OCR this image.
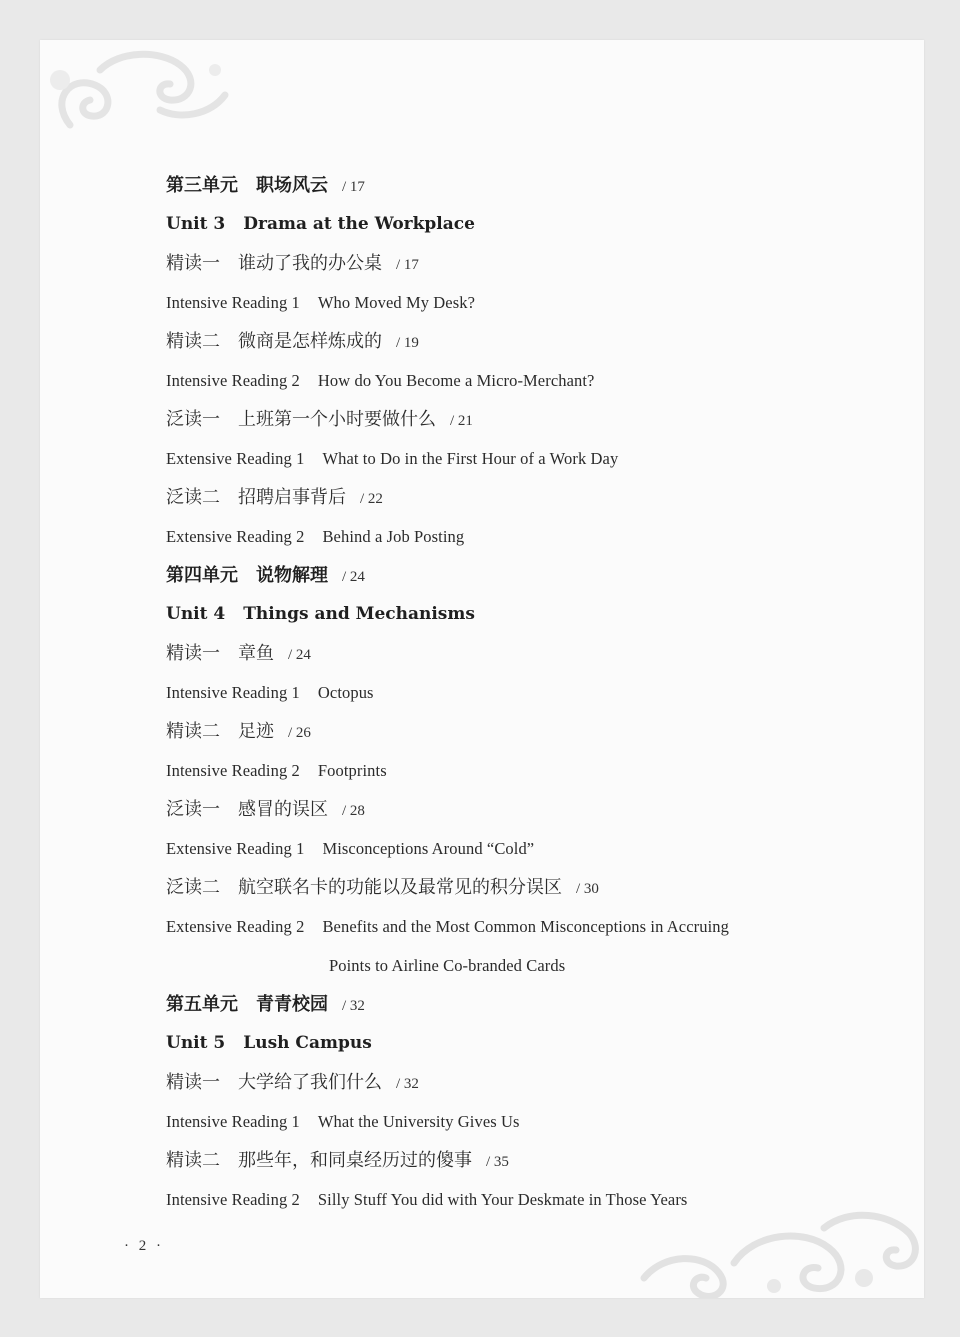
第三单元 职场风云 / 17
Unit 3 Drama at the Workplace
精读一 谁动了我的办公桌 / 17
Intensive Reading 1 Who Moved My Desk?
精读二 微商是怎样炼成的 / 19
Intensive Reading 2 How do You Become a Micro-Merchant?
泛读一 上班第一个小时要做什么 / 21
Extensive Reading 1 What to Do in the First Hour of a Work Day
泛读二 招聘启事背后 / 22
Extensive Reading 2 Behind a Job Posting
第四单元 说物解理 / 24
Unit 4 Things and Mechanisms
精读一 章鱼 / 24
Intensive Reading 1 Octopus
精读二 足迹 / 26
Intensive Reading 2 Footprints
泛读一 感冒的误区 / 28
Extensive Reading 1 Misconceptions Around “Cold”
泛读二 航空联名卡的功能以及最常见的积分误区 / 30
Extensive Reading 2 Benefits and the Most Common Misconceptions in Accruing
Points to Airline Co-branded Cards
第五单元 青青校园 / 32
Unit 5 Lush Campus
精读一 大学给了我们什么 / 32
Intensive Reading 1 What the University Gives Us
精读二 那些年，和同桌经历过的傻事 / 35
Intensive Reading 2 Silly Stuff You did with Your Deskmate in Those Years
· 2 ·
